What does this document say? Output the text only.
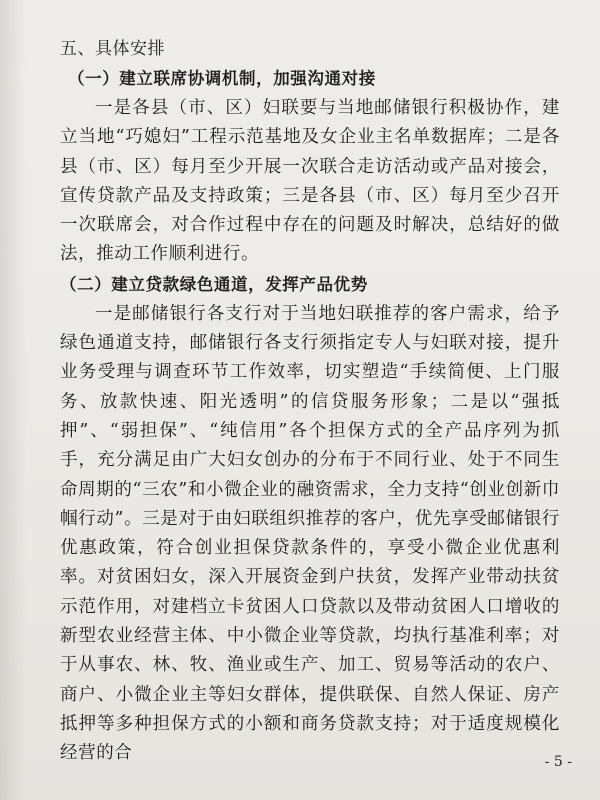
五、具体安排

（一）建立联席协调机制，加强沟通对接

一是各县（市、区）妇联要与当地邮储银行积极协作，建立当地“巧媳妇”工程示范基地及女企业主名单数据库；二是各县（市、区）每月至少开展一次联合走访活动或产品对接会，宣传贷款产品及支持政策；三是各县（市、区）每月至少召开一次联席会，对合作过程中存在的问题及时解决，总结好的做法，推动工作顺利进行。

（二）建立贷款绿色通道，发挥产品优势

一是邮储银行各支行对于当地妇联推荐的客户需求，给予绿色通道支持，邮储银行各支行须指定专人与妇联对接，提升业务受理与调查环节工作效率，切实塑造“手续简便、上门服务、放款快速、阳光透明”的信贷服务形象；二是以“强抵押”、“弱担保”、“纯信用”各个担保方式的全产品序列为抓手，充分满足由广大妇女创办的分布于不同行业、处于不同生命周期的“三农”和小微企业的融资需求，全力支持“创业创新巾帼行动”。三是对于由妇联组织推荐的客户，优先享受邮储银行优惠政策，符合创业担保贷款条件的，享受小微企业优惠利率。对贫困妇女，深入开展资金到户扶贫，发挥产业带动扶贫示范作用，对建档立卡贫困人口贷款以及带动贫困人口增收的新型农业经营主体、中小微企业等贷款，均执行基准利率；对于从事农、林、牧、渔业或生产、加工、贸易等活动的农户、商户、小微企业主等妇女群体，提供联保、自然人保证、房产抵押等多种担保方式的小额和商务贷款支持；对于适度规模化经营的合	- 5 -
